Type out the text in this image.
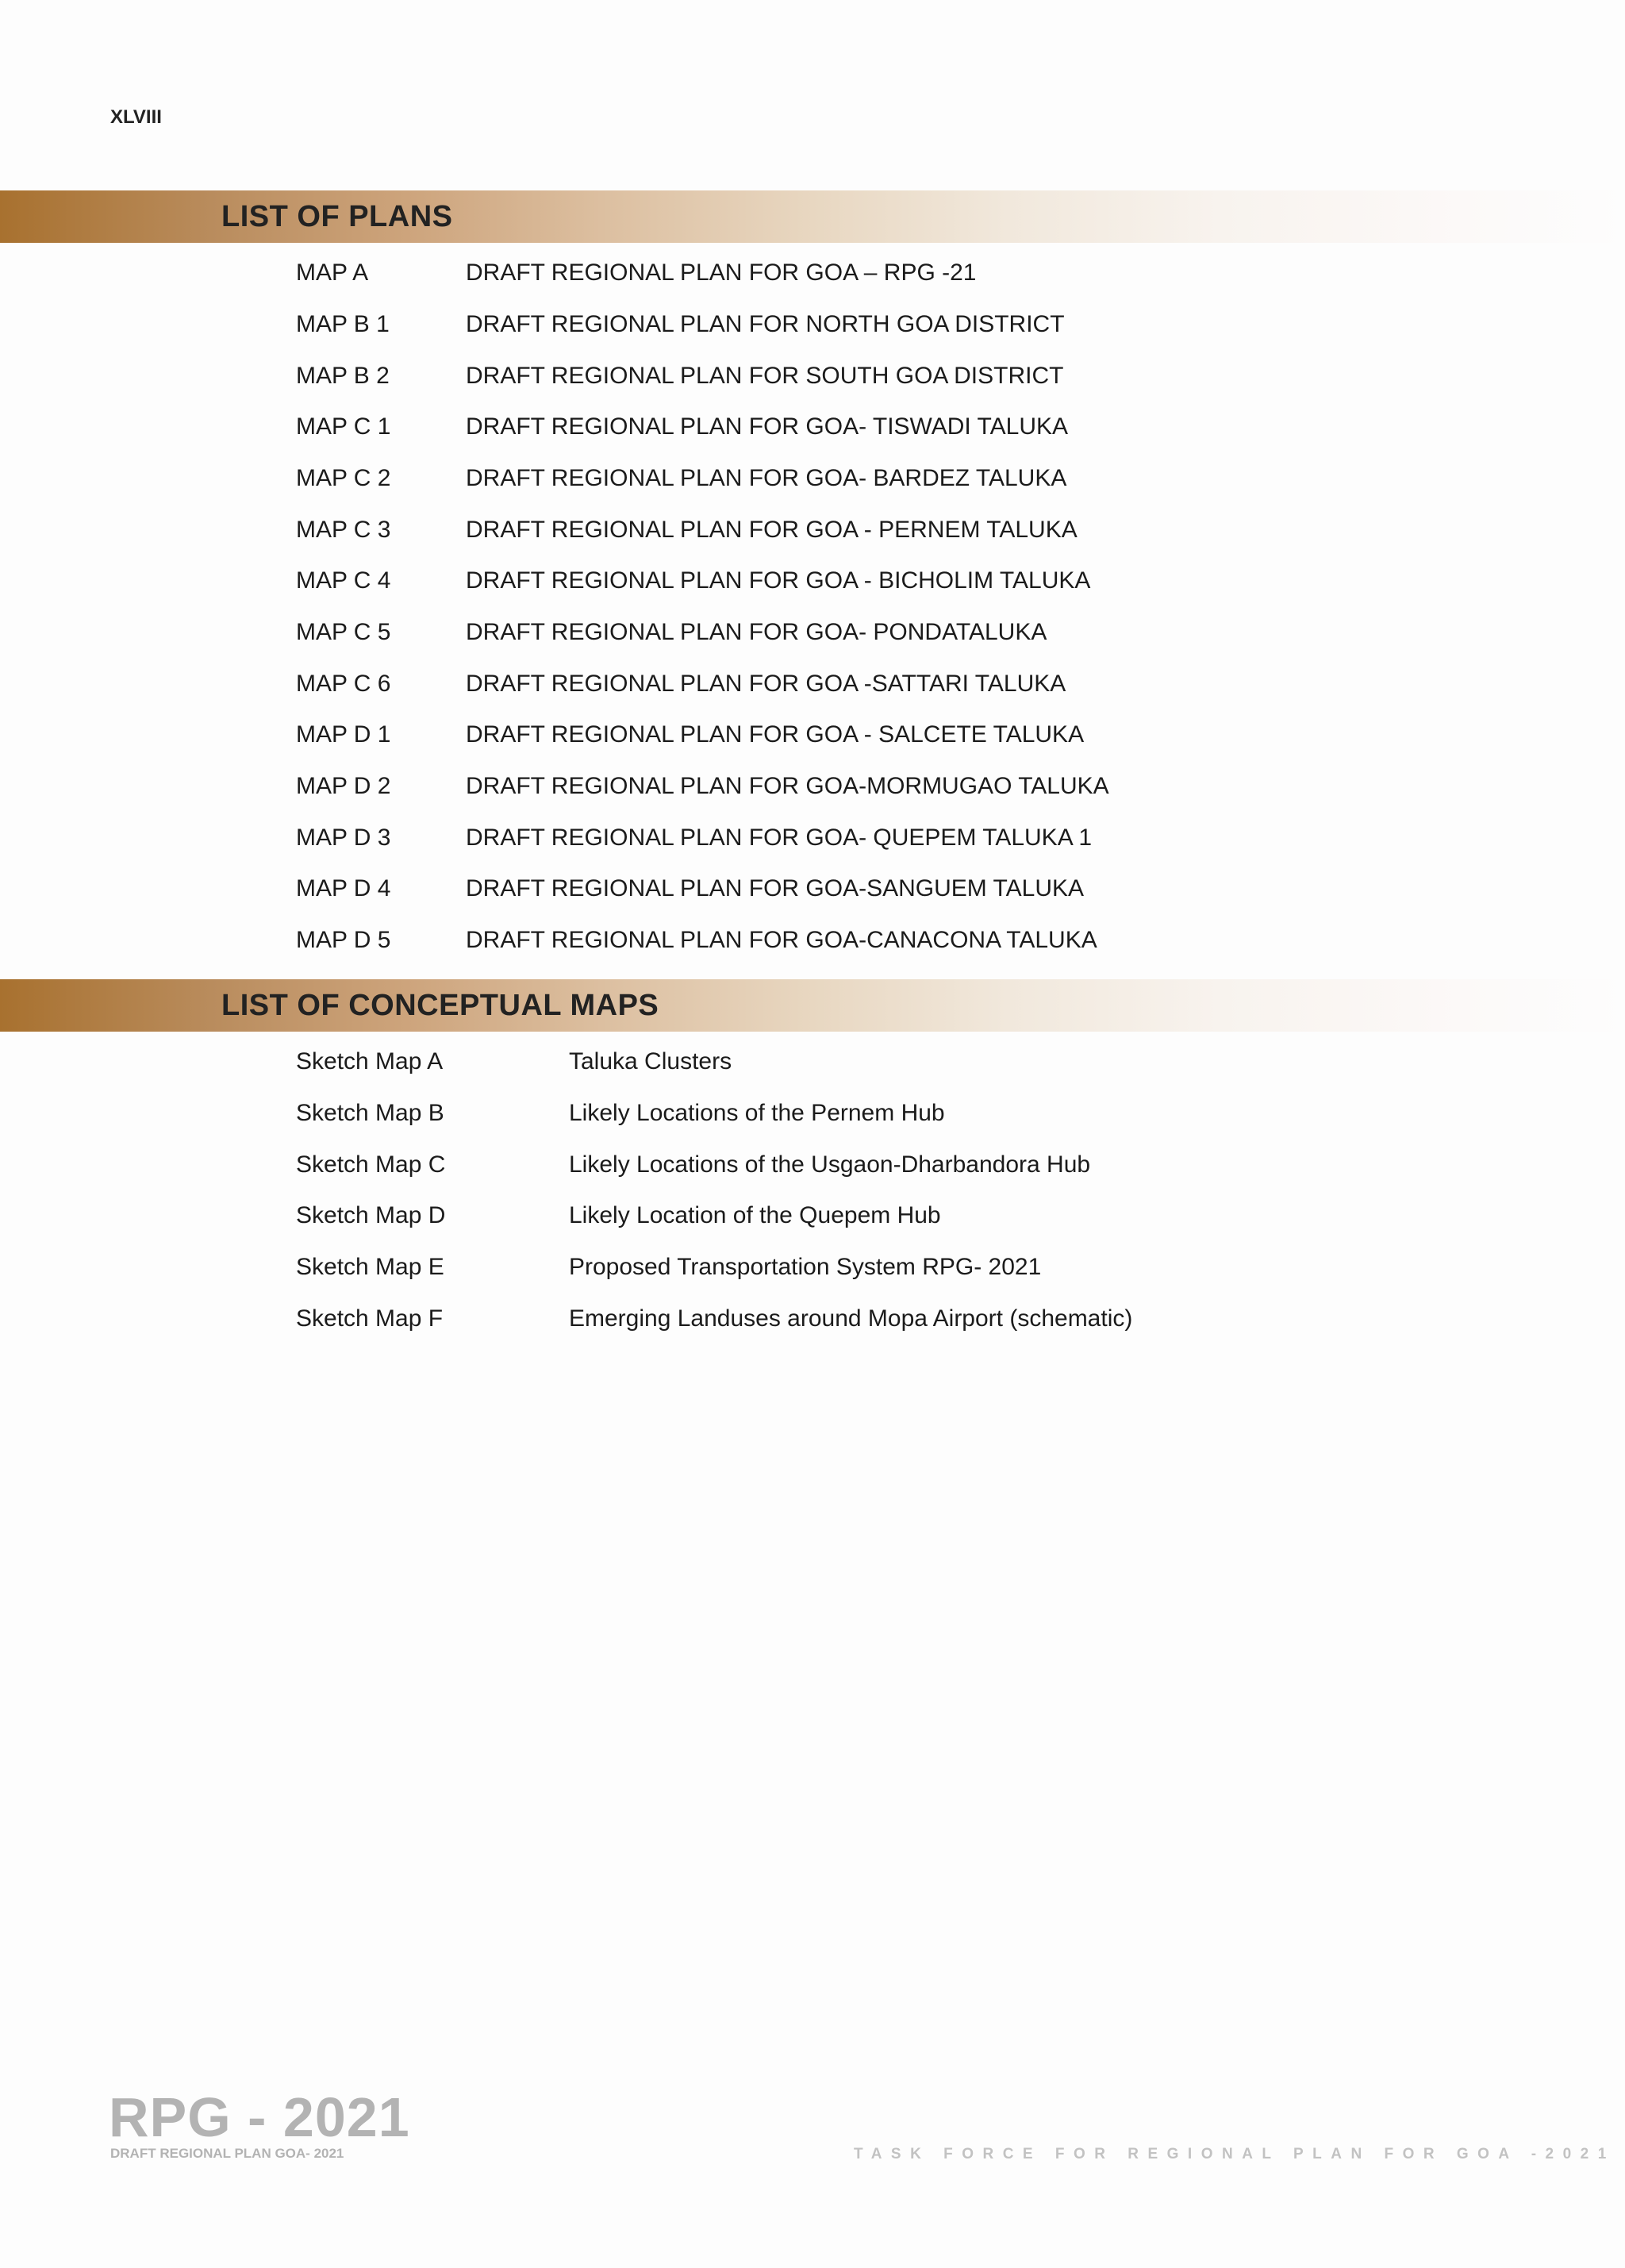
XLVIII
LIST OF PLANS
MAP A	DRAFT REGIONAL PLAN FOR GOA – RPG -21
MAP B 1	DRAFT REGIONAL PLAN FOR NORTH GOA DISTRICT
MAP B 2	DRAFT REGIONAL PLAN FOR SOUTH GOA DISTRICT
MAP C 1	DRAFT REGIONAL PLAN FOR GOA- TISWADI TALUKA
MAP C 2	DRAFT REGIONAL PLAN FOR GOA- BARDEZ TALUKA
MAP C 3	DRAFT REGIONAL PLAN FOR GOA - PERNEM TALUKA
MAP C 4	DRAFT REGIONAL PLAN FOR GOA - BICHOLIM TALUKA
MAP C 5	DRAFT REGIONAL PLAN FOR GOA- PONDATALUKA
MAP C 6	DRAFT REGIONAL PLAN FOR GOA -SATTARI TALUKA
MAP D 1	DRAFT REGIONAL PLAN FOR GOA - SALCETE TALUKA
MAP D 2	DRAFT REGIONAL PLAN FOR GOA-MORMUGAO TALUKA
MAP D 3	DRAFT REGIONAL PLAN FOR GOA- QUEPEM TALUKA 1
MAP D 4	DRAFT REGIONAL PLAN FOR GOA-SANGUEM TALUKA
MAP D 5	DRAFT REGIONAL PLAN FOR GOA-CANACONA TALUKA
LIST OF CONCEPTUAL MAPS
Sketch Map A	Taluka Clusters
Sketch Map B	Likely Locations of the Pernem Hub
Sketch Map C	Likely Locations of the Usgaon-Dharbandora Hub
Sketch Map D	Likely Location of the Quepem Hub
Sketch Map E	Proposed Transportation System RPG- 2021
Sketch Map F	Emerging Landuses around Mopa Airport (schematic)
RPG - 2021
DRAFT REGIONAL PLAN GOA- 2021	TASK FORCE FOR REGIONAL PLAN FOR GOA -2021
